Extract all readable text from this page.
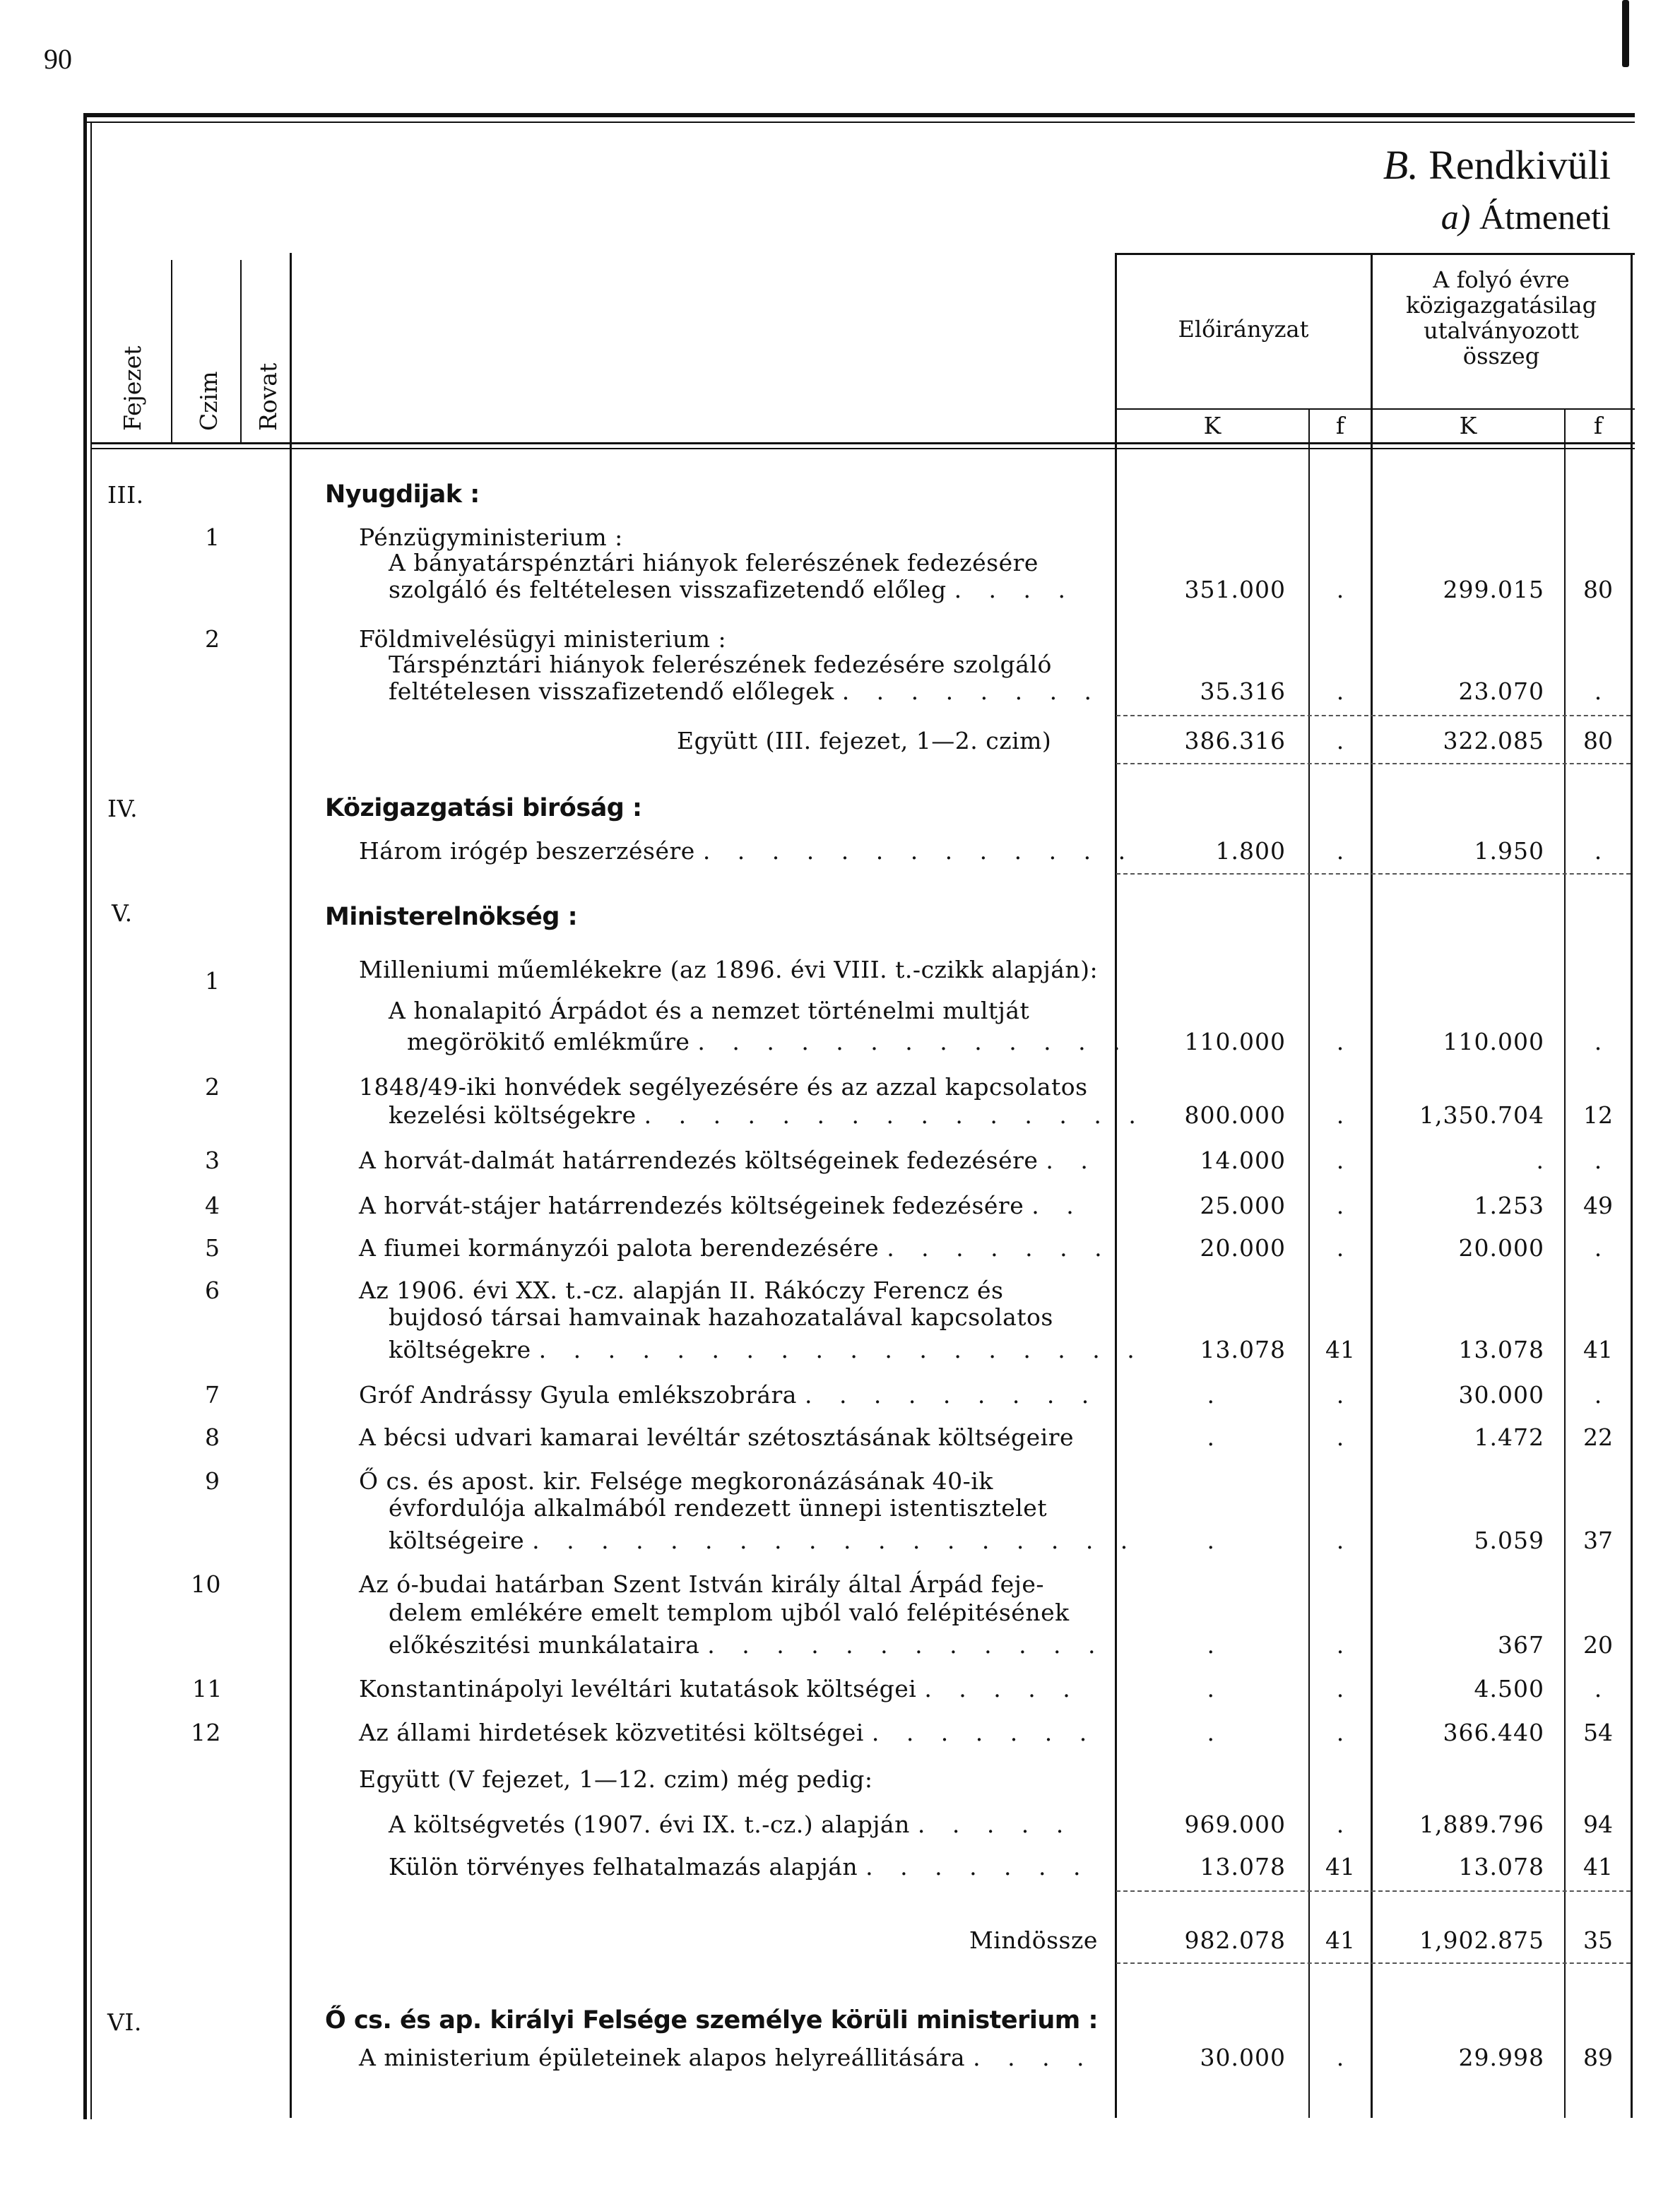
90
B. Rendkivüli
a) Átmeneti
Fejezet Czim Rovat
Előirányzat
A folyó évre
közigazgatásilag
utalványozott
összeg
K	f	K	f
III.	Nyugdijak :
1	Pénzügyministerium :
A bányatárspénztári hiányok felerészének fedezésére
szolgáló és feltételesen visszafizetendő előleg . . . .	351.000	.	299.015	80
2	Földmivelésügyi ministerium :
Társpénztári hiányok felerészének fedezésére szolgáló
feltételesen visszafizetendő előlegek . . . . . . . .	35.316	.	23.070	.
Együtt (III. fejezet, 1—2. czim)	386.316	.	322.085	80
IV.	Közigazgatási biróság :
Három irógép beszerzésére . . . . . . . . . . . . .	1.800	.	1.950	.
V.	Ministerelnökség :
1	Milleniumi műemlékekre (az 1896. évi VIII. t.-czikk alapján):
A honalapitó Árpádot és a nemzet történelmi multját
megörökitő emlékműre . . . . . . . . . . . . .	110.000	.	110.000	.
2	1848/49-iki honvédek segélyezésére és az azzal kapcsolatos
kezelési költségekre . . . . . . . . . . . . . . .	800.000	.	1,350.704	12
3	A horvát-dalmát határrendezés költségeinek fedezésére . .	14.000	.	.	.
4	A horvát-stájer határrendezés költségeinek fedezésére . .	25.000	.	1.253	49
5	A fiumei kormányzói palota berendezésére . . . . . . .	20.000	.	20.000	.
6	Az 1906. évi XX. t.-cz. alapján II. Rákóczy Ferencz és
bujdosó társai hamvainak hazahozatalával kapcsolatos
költségekre . . . . . . . . . . . . . . . . . .	13.078	41	13.078	41
7	Gróf Andrássy Gyula emlékszobrára . . . . . . . . .	.	.	30.000	.
8	A bécsi udvari kamarai levéltár szétosztásának költségeire	.	.	1.472	22
9	Ő cs. és apost. kir. Felsége megkoronázásának 40-ik
évfordulója alkalmából rendezett ünnepi istentisztelet
költségeire . . . . . . . . . . . . . . . . . .	.	.	5.059	37
10	Az ó-budai határban Szent István király által Árpád feje-
delem emlékére emelt templom ujból való felépitésének
előkészitési munkálataira . . . . . . . . . . . .	.	.	367	20
11	Konstantinápolyi levéltári kutatások költségei . . . . .	.	.	4.500	.
12	Az állami hirdetések közvetitési költségei . . . . . . .	.	.	366.440	54
Együtt (V fejezet, 1—12. czim) még pedig:
A költségvetés (1907. évi IX. t.-cz.) alapján . . . . .	969.000	.	1,889.796	94
Külön törvényes felhatalmazás alapján . . . . . . .	13.078	41	13.078	41
Mindössze	982.078	41	1,902.875	35
VI.	Ő cs. és ap. királyi Felsége személye körüli ministerium :
A ministerium épületeinek alapos helyreállitására . . . .	30.000	.	29.998	89
